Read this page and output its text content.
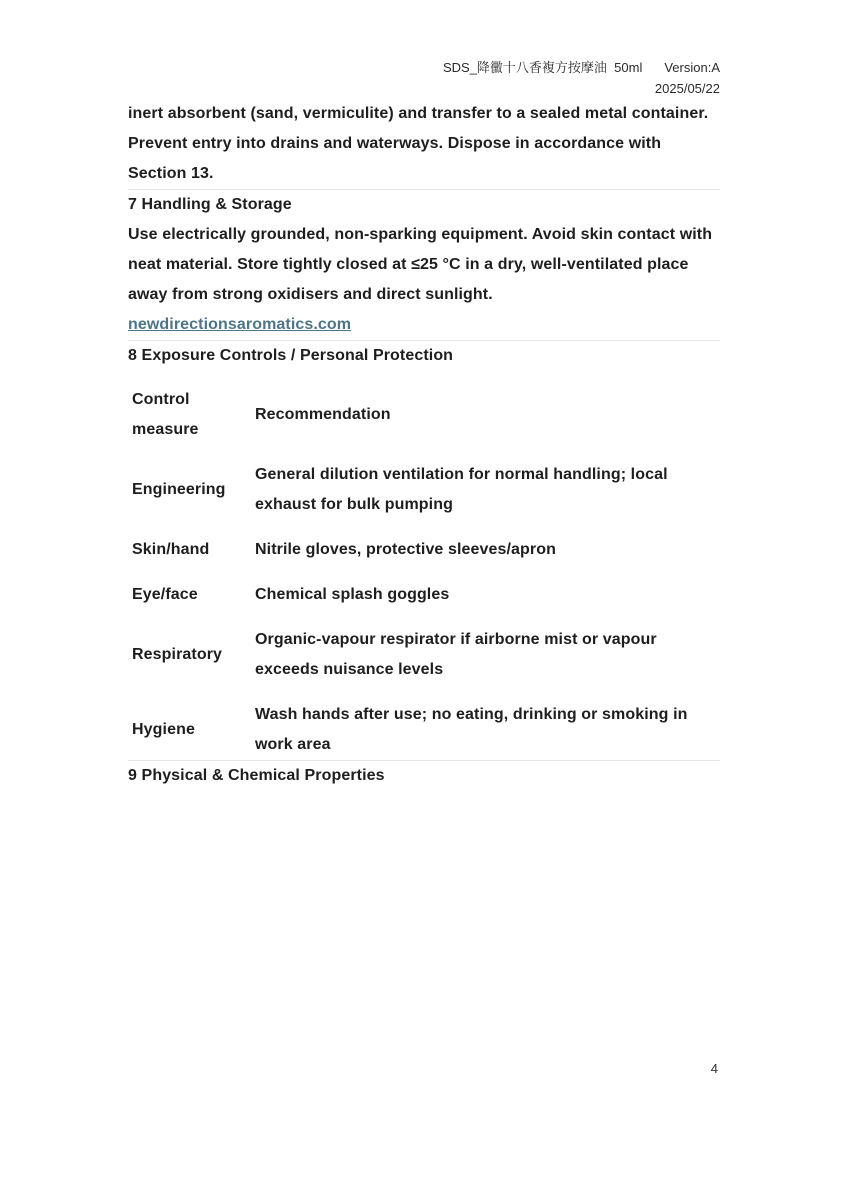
SDS_降黴十八香複方按摩油  50ml Version:A
2025/05/22

inert absorbent (sand, vermiculite) and transfer to a sealed metal container. Prevent entry into drains and waterways. Dispose in accordance with Section 13.

7 Handling & Storage

Use electrically grounded, non-sparking equipment. Avoid skin contact with neat material. Store tightly closed at ≤25 °C in a dry, well-ventilated place away from strong oxidisers and direct sunlight.

newdirectionsaromatics.com
8 Exposure Controls / Personal Protection
Control measure
Recommendation
Engineering
General dilution ventilation for normal handling; local exhaust for bulk pumping
Skin/hand	Nitrile gloves, protective sleeves/apron
Eye/face	Chemical splash goggles
Respiratory
Organic-vapour respirator if airborne mist or vapour exceeds nuisance levels
Hygiene
Wash hands after use; no eating, drinking or smoking in work area
9 Physical & Chemical Properties
4
